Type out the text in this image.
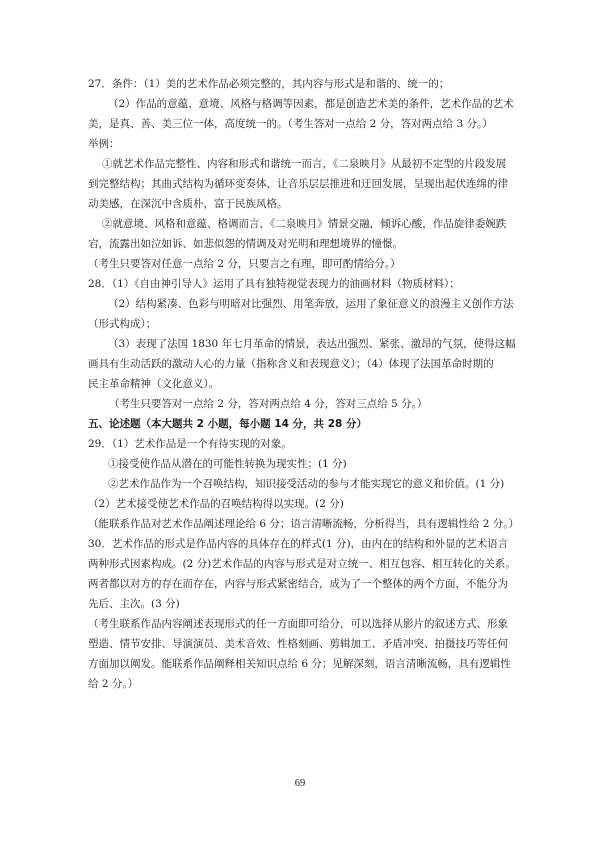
27．条件：（1）美的艺术作品必须完整的，其内容与形式是和谐的、统一的；

（2）作品的意蕴、意境、风格与格调等因素，都是创造艺术美的条件，艺术作品的艺术

美，是真、善、美三位一体，高度统一的。（考生答对一点给 2 分，答对两点给 3 分。）

举例：

①就艺术作品完整性、内容和形式和谐统一而言，《二泉映月》从最初不定型的片段发展

到完整结构；其曲式结构为循环变奏体，让音乐层层推进和迂回发展，呈现出起伏连绵的律

动美感，在深沉中含质朴，富于民族风格。

②就意境、风格和意蕴、格调而言，《二泉映月》情景交融，倾诉心酸，作品旋律委婉跌

宕，流露出如泣如诉、如悲似怨的情调及对光明和理想境界的憧憬。

（考生只要答对任意一点给 2 分，只要言之有理，即可酌情给分。）

28．（1）《自由神引导人》运用了具有独特视觉表现力的油画材料（物质材料）；

（2）结构紧凑、色彩与明暗对比强烈、用笔奔放，运用了象征意义的浪漫主义创作方法

（形式构成）；

（3）表现了法国 1830 年七月革命的情景，表达出强烈、紧张、激昂的气氛，使得这幅

画具有生动活跃的激动人心的力量（指称含义和表现意义）；（4）体现了法国革命时期的

民主革命精神（文化意义）。

（考生只要答对一点给 2 分，答对两点给 4 分，答对三点给 5 分。）

五、论述题（本大题共 2 小题，每小题 14 分，共 28 分）

29．（1）艺术作品是一个有待实现的对象。

①接受使作品从潜在的可能性转换为现实性；(1 分)

②艺术作品作为一个召唤结构，知识接受活动的参与才能实现它的意义和价值。(1 分)

（2）艺术接受使艺术作品的召唤结构得以实现。(2 分)

（能联系作品对艺术作品阐述理论给 6 分；语言清晰流畅，分析得当，具有逻辑性给 2 分。）

30．艺术作品的形式是作品内容的具体存在的样式(1 分)，由内在的结构和外显的艺术语言

两种形式因素构成。(2 分)艺术作品的内容与形式是对立统一、相互包容、相互转化的关系。

两者都以对方的存在而存在，内容与形式紧密结合，成为了一个整体的两个方面，不能分为

先后、主次。(3 分)

（考生联系作品内容阐述表现形式的任一方面即可给分，可以选择从影片的叙述方式、形象

塑造、情节安排、导演演员、美术音效、性格刻画、剪辑加工、矛盾冲突、拍摄技巧等任何

方面加以阐发。能联系作品阐释相关知识点给 6 分；见解深刻，语言清晰流畅，具有逻辑性

给 2 分。）

69
